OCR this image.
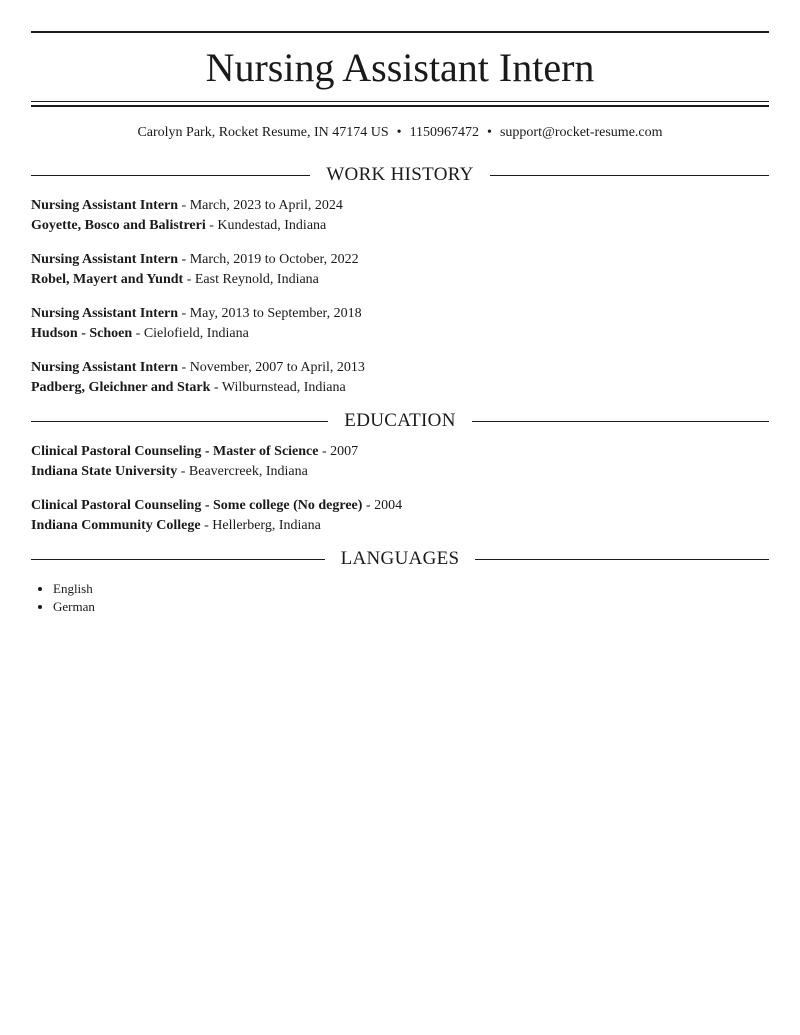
Nursing Assistant Intern
Carolyn Park, Rocket Resume, IN 47174 US • 1150967472 • support@rocket-resume.com
WORK HISTORY
Nursing Assistant Intern - March, 2023 to April, 2024
Goyette, Bosco and Balistreri - Kundestad, Indiana
Nursing Assistant Intern - March, 2019 to October, 2022
Robel, Mayert and Yundt - East Reynold, Indiana
Nursing Assistant Intern - May, 2013 to September, 2018
Hudson - Schoen - Cielofield, Indiana
Nursing Assistant Intern - November, 2007 to April, 2013
Padberg, Gleichner and Stark - Wilburnstead, Indiana
EDUCATION
Clinical Pastoral Counseling - Master of Science - 2007
Indiana State University - Beavercreek, Indiana
Clinical Pastoral Counseling - Some college (No degree) - 2004
Indiana Community College - Hellerberg, Indiana
LANGUAGES
• English
• German
